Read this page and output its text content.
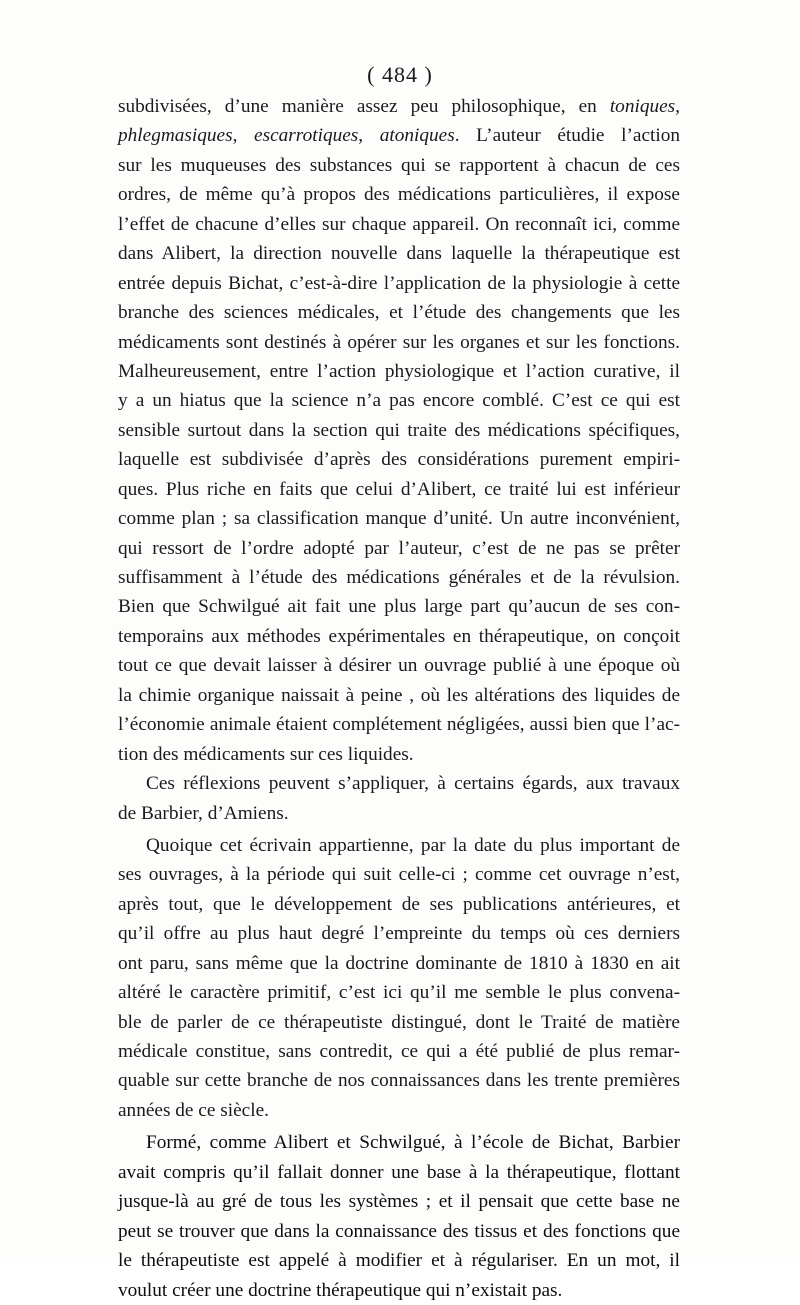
( 484 )
subdivisées, d’une manière assez peu philosophique, en toniques,
phlegmasiques, escarrotiques, atoniques. L’auteur étudie l’action
sur les muqueuses des substances qui se rapportent à chacun de ces
ordres, de même qu’à propos des médications particulières, il expose
l’effet de chacune d’elles sur chaque appareil. On reconnaît ici, comme
dans Alibert, la direction nouvelle dans laquelle la thérapeutique est
entrée depuis Bichat, c’est-à-dire l’application de la physiologie à cette
branche des sciences médicales, et l’étude des changements que les
médicaments sont destinés à opérer sur les organes et sur les fonctions.
Malheureusement, entre l’action physiologique et l’action curative, il
y a un hiatus que la science n’a pas encore comblé. C’est ce qui est
sensible surtout dans la section qui traite des médications spécifiques,
laquelle est subdivisée d’après des considérations purement empiri-
ques. Plus riche en faits que celui d’Alibert, ce traité lui est inférieur
comme plan ; sa classification manque d’unité. Un autre inconvénient,
qui ressort de l’ordre adopté par l’auteur, c’est de ne pas se prêter
suffisamment à l’étude des médications générales et de la révulsion.
Bien que Schwilgué ait fait une plus large part qu’aucun de ses con-
temporains aux méthodes expérimentales en thérapeutique, on conçoit
tout ce que devait laisser à désirer un ouvrage publié à une époque où
la chimie organique naissait à peine , où les altérations des liquides de
l’économie animale étaient complétement négligées, aussi bien que l’ac-
tion des médicaments sur ces liquides.
Ces réflexions peuvent s’appliquer, à certains égards, aux travaux
de Barbier, d’Amiens.
Quoique cet écrivain appartienne, par la date du plus important de
ses ouvrages, à la période qui suit celle-ci ; comme cet ouvrage n’est,
après tout, que le développement de ses publications antérieures, et
qu’il offre au plus haut degré l’empreinte du temps où ces derniers
ont paru, sans même que la doctrine dominante de 1810 à 1830 en ait
altéré le caractère primitif, c’est ici qu’il me semble le plus convena-
ble de parler de ce thérapeutiste distingué, dont le Traité de matière
médicale constitue, sans contredit, ce qui a été publié de plus remar-
quable sur cette branche de nos connaissances dans les trente premières
années de ce siècle.
Formé, comme Alibert et Schwilgué, à l’école de Bichat, Barbier
avait compris qu’il fallait donner une base à la thérapeutique, flottant
jusque-là au gré de tous les systèmes ; et il pensait que cette base ne
peut se trouver que dans la connaissance des tissus et des fonctions que
le thérapeutiste est appelé à modifier et à régulariser. En un mot, il
voulut créer une doctrine thérapeutique qui n’existait pas.
